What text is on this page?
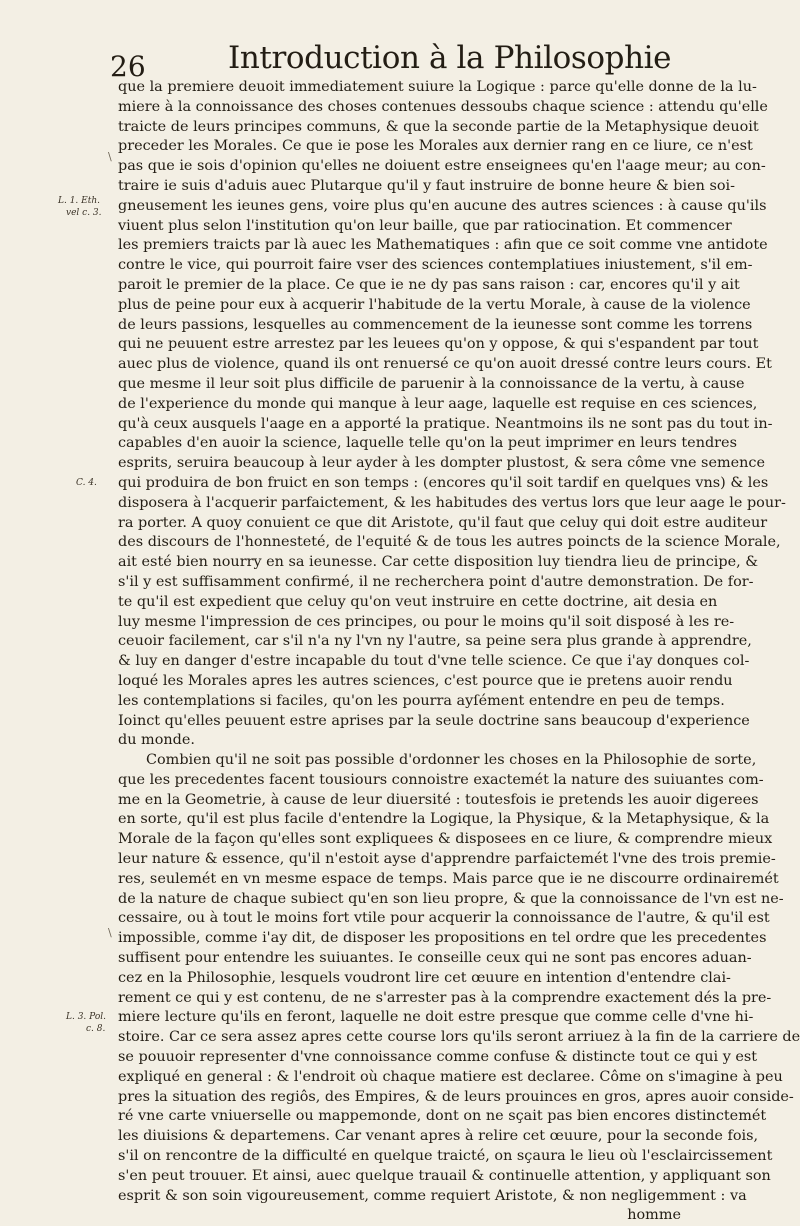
26	Introduction à la Philosophie
L. 1. Eth.
vel c. 3.
C. 4.
L. 3. Pol.
c. 8.
\
\
que la premiere deuoit immediatement suiure la Logique : parce qu'elle donne de la lu-
miere à la connoissance des choses contenues dessoubs chaque science : attendu qu'elle
traicte de leurs principes communs, & que la seconde partie de la Metaphysique deuoit
preceder les Morales. Ce que ie pose les Morales aux dernier rang en ce liure, ce n'est
pas que ie sois d'opinion qu'elles ne doiuent estre enseignees qu'en l'aage meur; au con-
traire ie suis d'aduis auec Plutarque qu'il y faut instruire de bonne heure & bien soi-
gneusement les ieunes gens, voire plus qu'en aucune des autres sciences : à cause qu'ils
viuent plus selon l'institution qu'on leur baille, que par ratiocination. Et commencer
les premiers traicts par là auec les Mathematiques : afin que ce soit comme vne antidote
contre le vice, qui pourroit faire vser des sciences contemplatiues iniustement, s'il em-
paroit le premier de la place. Ce que ie ne dy pas sans raison : car, encores qu'il y ait
plus de peine pour eux à acquerir l'habitude de la vertu Morale, à cause de la violence
de leurs passions, lesquelles au commencement de la ieunesse sont comme les torrens
qui ne peuuent estre arrestez par les leuees qu'on y oppose, & qui s'espandent par tout
auec plus de violence, quand ils ont renuersé ce qu'on auoit dressé contre leurs cours. Et
que mesme il leur soit plus difficile de paruenir à la connoissance de la vertu, à cause
de l'experience du monde qui manque à leur aage, laquelle est requise en ces sciences,
qu'à ceux ausquels l'aage en a apporté la pratique. Neantmoins ils ne sont pas du tout in-
capables d'en auoir la science, laquelle telle qu'on la peut imprimer en leurs tendres
esprits, seruira beaucoup à leur ayder à les dompter plustost, & sera côme vne semence
qui produira de bon fruict en son temps : (encores qu'il soit tardif en quelques vns) & les
disposera à l'acquerir parfaictement, & les habitudes des vertus lors que leur aage le pour-
ra porter. A quoy conuient ce que dit Aristote, qu'il faut que celuy qui doit estre auditeur
des discours de l'honnesteté, de l'equité & de tous les autres poincts de la science Morale,
ait esté bien nourry en sa ieunesse. Car cette disposition luy tiendra lieu de principe, &
s'il y est suffisamment confirmé, il ne recherchera point d'autre demonstration. De for-
te qu'il est expedient que celuy qu'on veut instruire en cette doctrine, ait desia en
luy mesme l'impression de ces principes, ou pour le moins qu'il soit disposé à les re-
ceuoir facilement, car s'il n'a ny l'vn ny l'autre, sa peine sera plus grande à apprendre,
& luy en danger d'estre incapable du tout d'vne telle science. Ce que i'ay donques col-
loqué les Morales apres les autres sciences, c'est pource que ie pretens auoir rendu
les contemplations si faciles, qu'on les pourra ayſément entendre en peu de temps.
Ioinct qu'elles peuuent estre aprises par la seule doctrine sans beaucoup d'experience
du monde.
Combien qu'il ne soit pas possible d'ordonner les choses en la Philosophie de sorte,
que les precedentes facent tousiours connoistre exactemét la nature des suiuantes com-
me en la Geometrie, à cause de leur diuersité : toutesfois ie pretends les auoir digerees
en sorte, qu'il est plus facile d'entendre la Logique, la Physique, & la Metaphysique, & la
Morale de la façon qu'elles sont expliquees & disposees en ce liure, & comprendre mieux
leur nature & essence, qu'il n'estoit ayse d'apprendre parfaictemét l'vne des trois premie-
res, seulemét en vn mesme espace de temps. Mais parce que ie ne discourre ordinairemét
de la nature de chaque subiect qu'en son lieu propre, & que la connoissance de l'vn est ne-
cessaire, ou à tout le moins fort vtile pour acquerir la connoissance de l'autre, & qu'il est
impossible, comme i'ay dit, de disposer les propositions en tel ordre que les precedentes
suffisent pour entendre les suiuantes. Ie conseille ceux qui ne sont pas encores aduan-
cez en la Philosophie, lesquels voudront lire cet œuure en intention d'entendre clai-
rement ce qui y est contenu, de ne s'arrester pas à la comprendre exactement dés la pre-
miere lecture qu'ils en feront, laquelle ne doit estre presque que comme celle d'vne hi-
stoire. Car ce sera assez apres cette course lors qu'ils seront arriuez à la fin de la carriere de
se pouuoir representer d'vne connoissance comme confuse & distincte tout ce qui y est
expliqué en general : & l'endroit où chaque matiere est declaree. Côme on s'imagine à peu
pres la situation des regiôs, des Empires, & de leurs prouinces en gros, apres auoir conside-
ré vne carte vniuerselle ou mappemonde, dont on ne sçait pas bien encores distinctemét
les diuisions & departemens. Car venant apres à relire cet œuure, pour la seconde fois,
s'il on rencontre de la difficulté en quelque traicté, on sçaura le lieu où l'esclaircissement
s'en peut trouuer. Et ainsi, auec quelque trauail & continuelle attention, y appliquant son
esprit & son soin vigoureusement, comme requiert Aristote, & non negligemment : va
homme
